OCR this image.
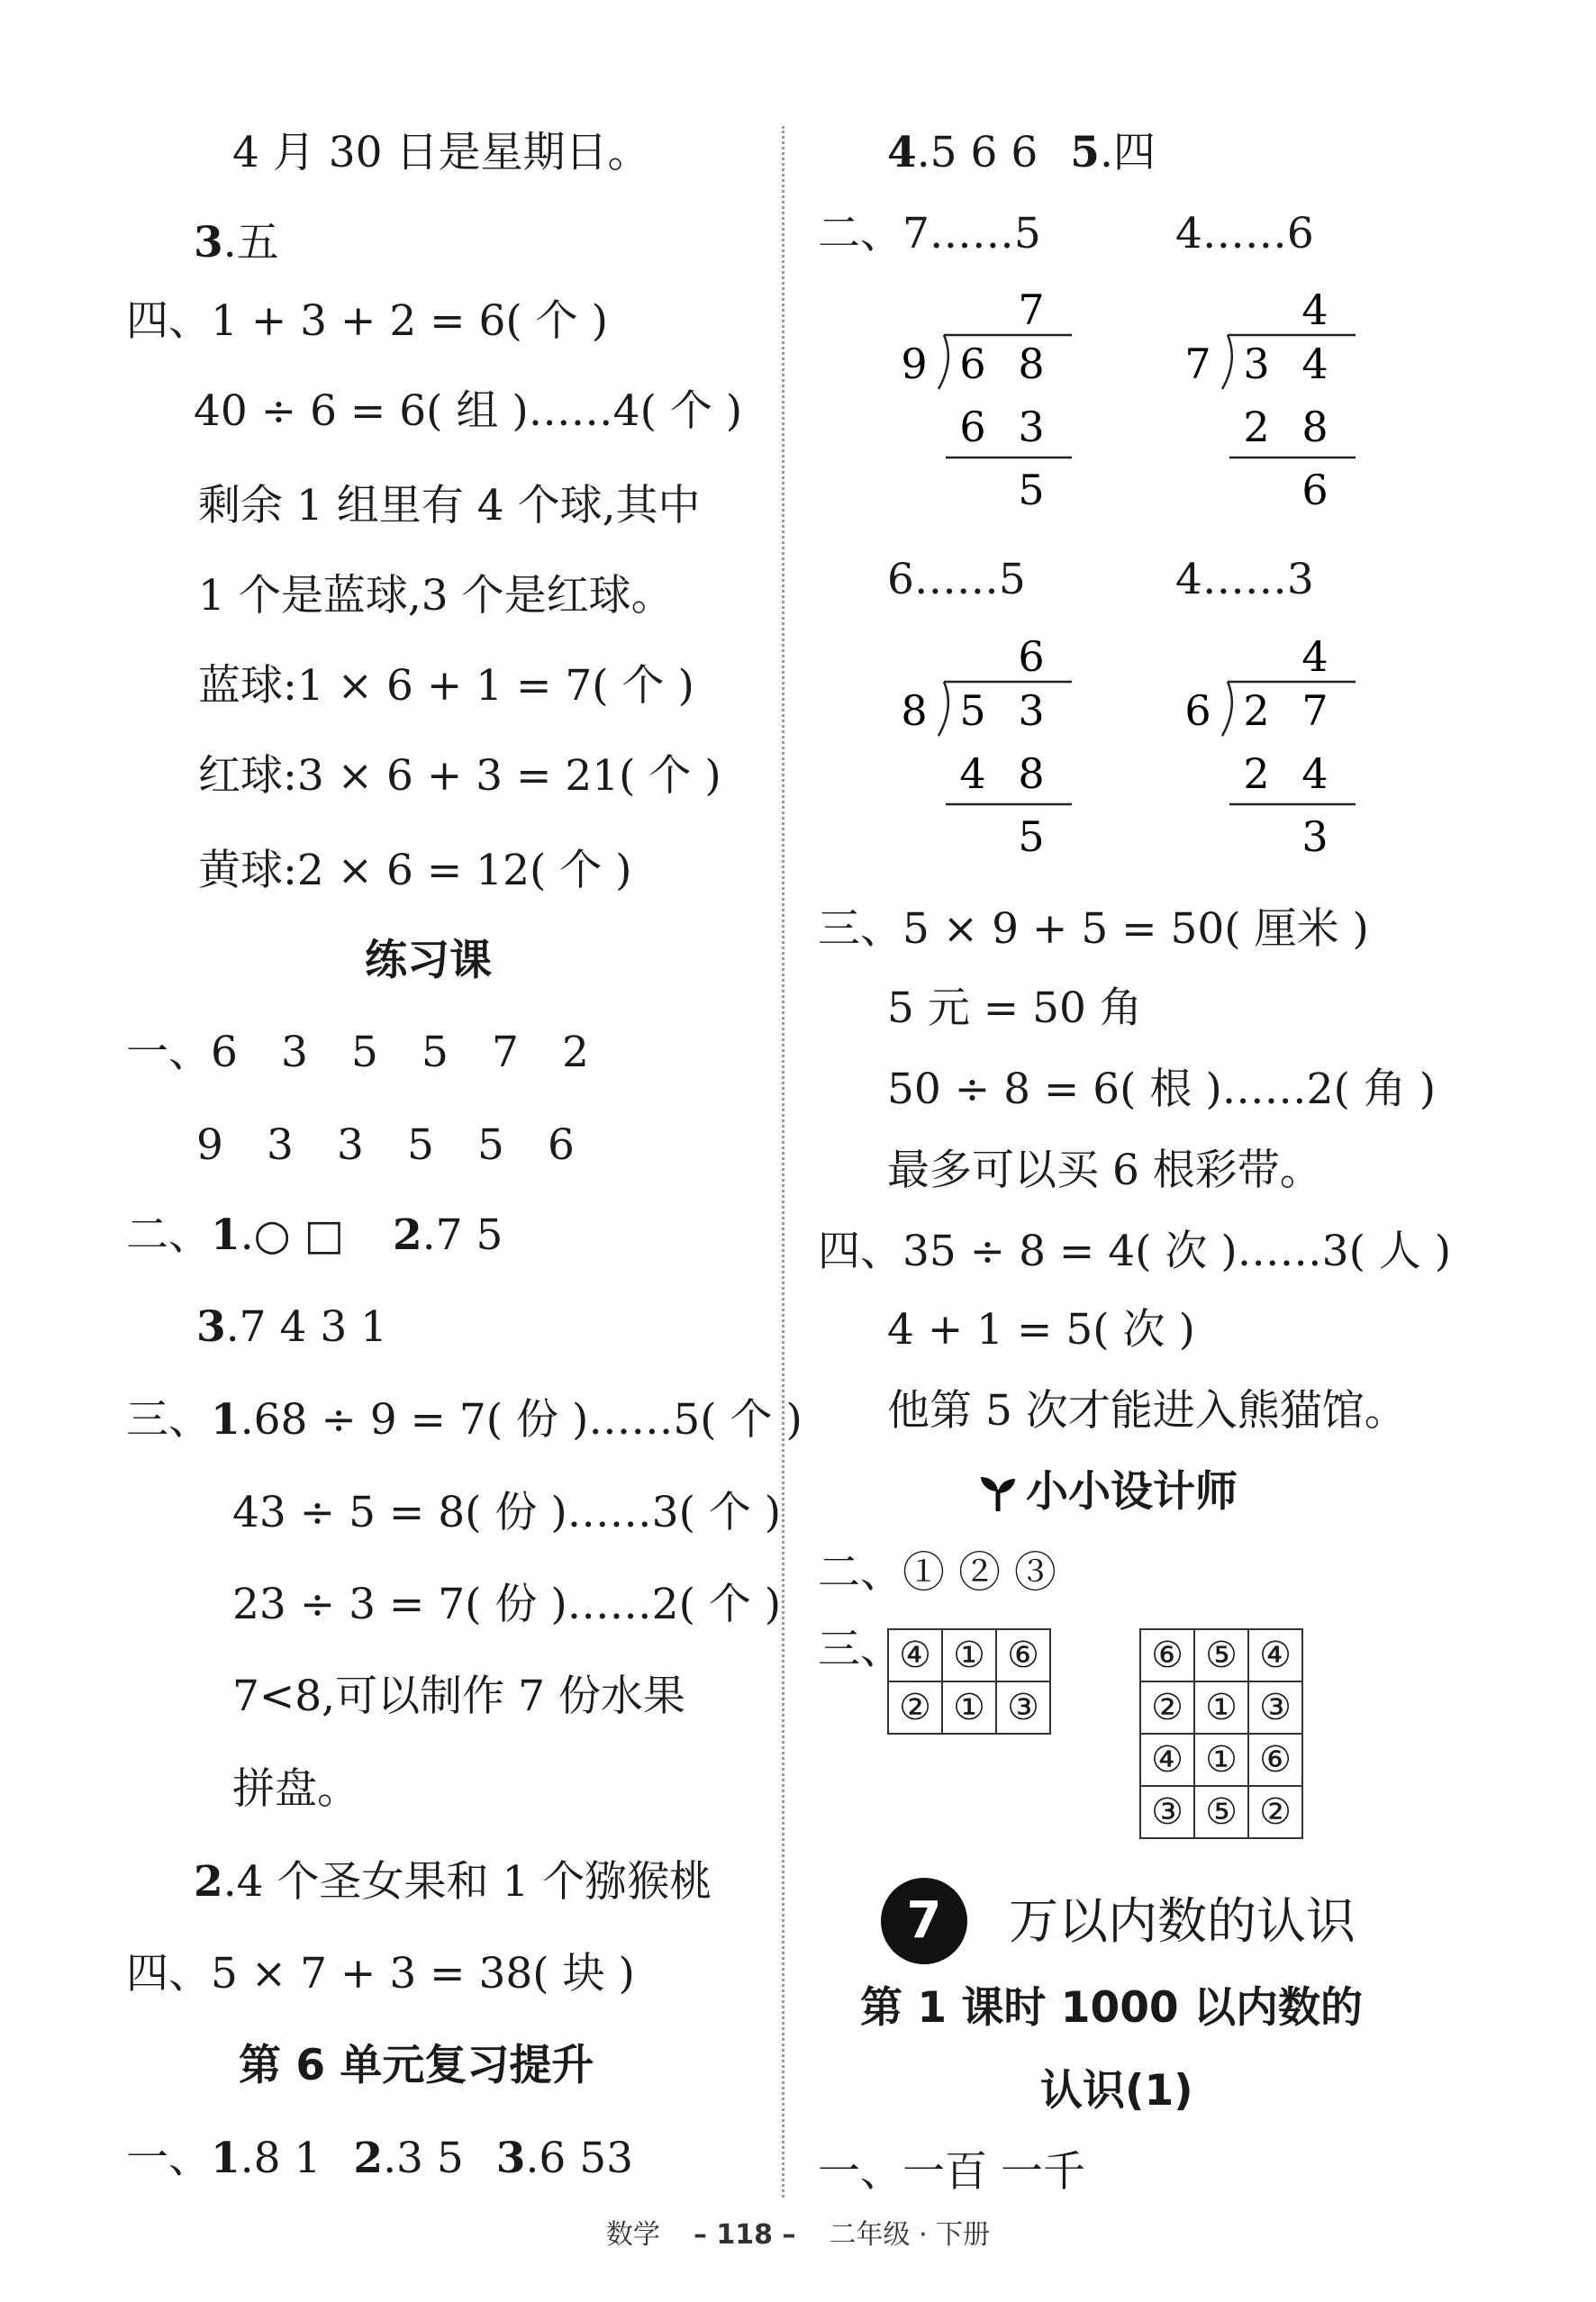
4 月 30 日是星期日。
3.五
四、1 + 3 + 2 = 6( 个 )
40 ÷ 6 = 6( 组 )……4( 个 )
剩余 1 组里有 4 个球,其中
1 个是蓝球,3 个是红球。
蓝球:1 × 6 + 1 = 7( 个 )
红球:3 × 6 + 3 = 21( 个 )
黄球:2 × 6 = 12( 个 )
练习课
一、6 3 5 5 7 2
9 3 3 5 5 6
二、1.○ □ 2.7 5
3.7 4 3 1
三、1.68 ÷ 9 = 7( 份 )……5( 个 )
43 ÷ 5 = 8( 份 )……3( 个 )
23 ÷ 3 = 7( 份 )……2( 个 )
7<8,可以制作 7 份水果
拼盘。
2.4 个圣女果和 1 个猕猴桃
四、5 × 7 + 3 = 38( 块 )
第 6 单元复习提升
一、1.8 1 2.3 5 3.6 53
4.5 6 6 5.四
二、7……5	4……6
7
9 6 8
6 3
5
4
7 3 4
2 8
6
6……5	4……3
6
8 5 3
4 8
5
4
6 2 7
2 4
3
三、5 × 9 + 5 = 50( 厘米 )
5 元 = 50 角
50 ÷ 8 = 6( 根 )……2( 角 )
最多可以买 6 根彩带。
四、35 ÷ 8 = 4( 次 )……3( 人 )
4 + 1 = 5( 次 )
他第 5 次才能进入熊猫馆。
小小设计师
二、① ② ③
三、
④	①	⑥
②	①	③
⑥	⑤	④
②	①	③
④	①	⑥
③	⑤	②
7	万以内数的认识
第 1 课时 1000 以内数的
认识(1)
一、一百 一千
数学 – 118 – 二年级 · 下册
